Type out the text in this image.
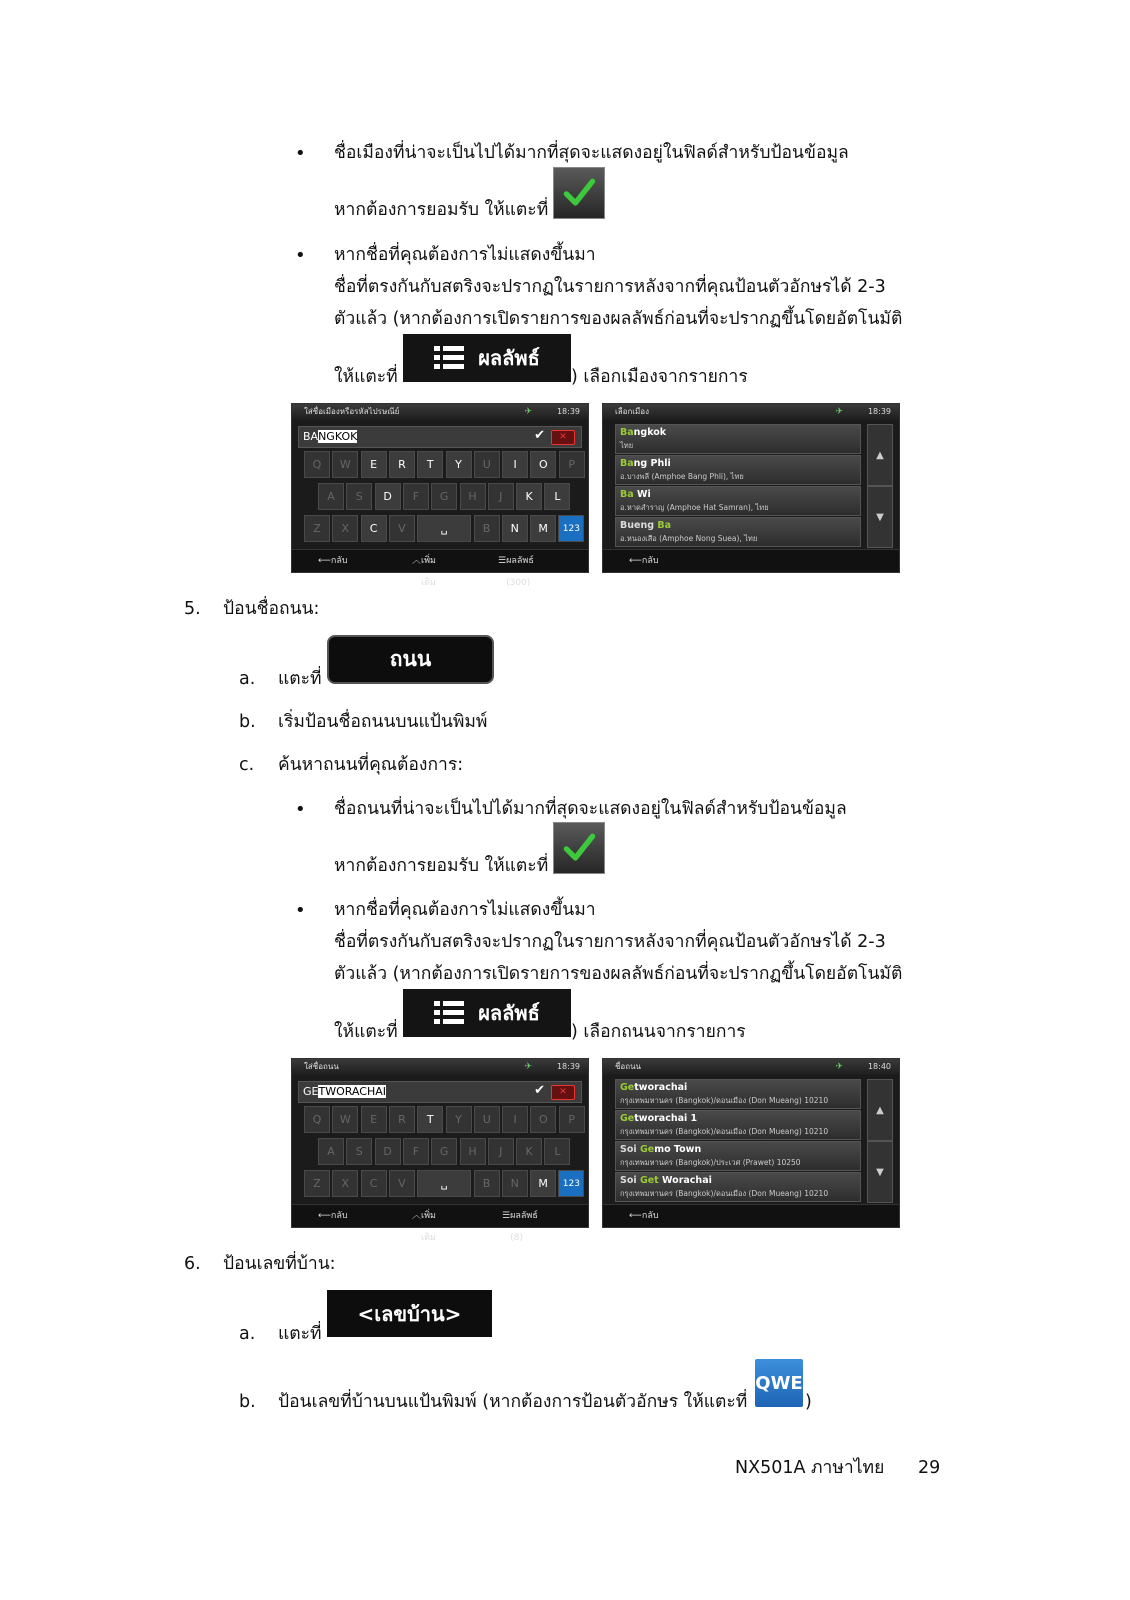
• ชื่อเมืองที่น่าจะเป็นไปได้มากที่สุดจะแสดงอยู่ในฟิลด์สำหรับป้อนข้อมูล
หากต้องการยอมรับ ให้แตะที่
• หากชื่อที่คุณต้องการไม่แสดงขึ้นมา
ชื่อที่ตรงกันกับสตริงจะปรากฏในรายการหลังจากที่คุณป้อนตัวอักษรได้ 2-3
ตัวแล้ว (หากต้องการเปิดรายการของผลลัพธ์ก่อนที่จะปรากฏขึ้นโดยอัตโนมัติ
ให้แตะที่
ผลลัพธ์
) เลือกเมืองจากรายการ
ใส่ชื่อเมืองหรือรหัสไปรษณีย์	✈	18:39
BANGKOK	✔	✕
⟵ กลับ	︿ เพิ่มเติม
☰ ผลลัพธ์ (300)
Q	W	E	R	T	Y	U	I	O	P
A	S	D	F	G	H	J	K	L
Z	X	C	V	␣	B	N	M	123
เลือกเมือง	✈	18:39
Bangkok
ไทย
Bang Phli
อ.บางพลี (Amphoe Bang Phli), ไทย
Ba Wi
อ.หาดสำราญ (Amphoe Hat Samran), ไทย
Bueng Ba
อ.หนองเสือ (Amphoe Nong Suea), ไทย
▲
▼
⟵ กลับ
5. ป้อนชื่อถนน:
a. แตะที่
ถนน
b. เริ่มป้อนชื่อถนนบนแป้นพิมพ์
c. ค้นหาถนนที่คุณต้องการ:
• ชื่อถนนที่น่าจะเป็นไปได้มากที่สุดจะแสดงอยู่ในฟิลด์สำหรับป้อนข้อมูล
หากต้องการยอมรับ ให้แตะที่
• หากชื่อที่คุณต้องการไม่แสดงขึ้นมา
ชื่อที่ตรงกันกับสตริงจะปรากฏในรายการหลังจากที่คุณป้อนตัวอักษรได้ 2-3
ตัวแล้ว (หากต้องการเปิดรายการของผลลัพธ์ก่อนที่จะปรากฏขึ้นโดยอัตโนมัติ
ให้แตะที่
ผลลัพธ์
) เลือกถนนจากรายการ
ใส่ชื่อถนน	✈	18:39
GETWORACHAI	✔	✕
⟵ กลับ	︿ เพิ่มเติม
☰ ผลลัพธ์ (8)
Q	W	E	R	T	Y	U	I	O	P
A	S	D	F	G	H	J	K	L
Z	X	C	V	␣	B	N	M	123
ชื่อถนน	✈	18:40
Getworachai
กรุงเทพมหานคร (Bangkok)/ดอนเมือง (Don Mueang) 10210
Getworachai 1
กรุงเทพมหานคร (Bangkok)/ดอนเมือง (Don Mueang) 10210
Soi Gemo Town
กรุงเทพมหานคร (Bangkok)/ประเวศ (Prawet) 10250
Soi Get Worachai
กรุงเทพมหานคร (Bangkok)/ดอนเมือง (Don Mueang) 10210
▲
▼
⟵ กลับ
6. ป้อนเลขที่บ้าน:
a. แตะที่
<เลขบ้าน>
b. ป้อนเลขที่บ้านบนแป้นพิมพ์ (หากต้องการป้อนตัวอักษร ให้แตะที่
QWE
)
NX501A ภาษาไทย 29
